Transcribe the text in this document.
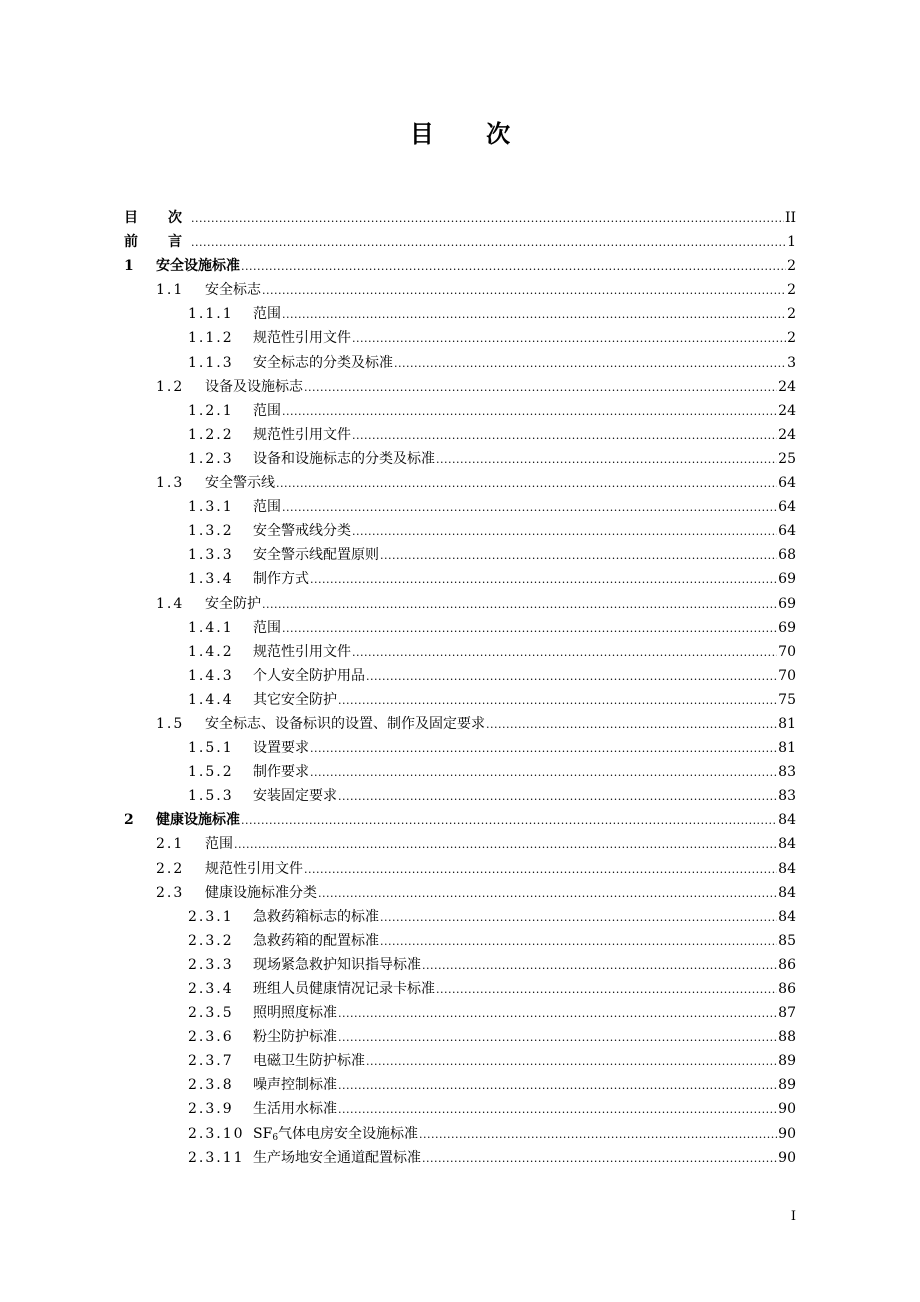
目 次
目　次 .....	II
前　言 .....	1
1	安全设施标准 .....	2
1.1	安全标志 .....	2
1.1.1	范围 .....	2
1.1.2	规范性引用文件 .....	2
1.1.3	安全标志的分类及标准 .....	3
1.2	设备及设施标志 .....	24
1.2.1	范围 .....	24
1.2.2	规范性引用文件 .....	24
1.2.3	设备和设施标志的分类及标准 .....	25
1.3	安全警示线 .....	64
1.3.1	范围 .....	64
1.3.2	安全警戒线分类 .....	64
1.3.3	安全警示线配置原则 .....	68
1.3.4	制作方式 .....	69
1.4	安全防护 .....	69
1.4.1	范围 .....	69
1.4.2	规范性引用文件 .....	70
1.4.3	个人安全防护用品 .....	70
1.4.4	其它安全防护 .....	75
1.5	安全标志、设备标识的设置、制作及固定要求 .....	81
1.5.1	设置要求 .....	81
1.5.2	制作要求 .....	83
1.5.3	安装固定要求 .....	83
2	健康设施标准 .....	84
2.1	范围 .....	84
2.2	规范性引用文件 .....	84
2.3	健康设施标准分类 .....	84
2.3.1	急救药箱标志的标准 .....	84
2.3.2	急救药箱的配置标准 .....	85
2.3.3	现场紧急救护知识指导标准 .....	86
2.3.4	班组人员健康情况记录卡标准 .....	86
2.3.5	照明照度标准 .....	87
2.3.6	粉尘防护标准 .....	88
2.3.7	电磁卫生防护标准 .....	89
2.3.8	噪声控制标准 .....	89
2.3.9	生活用水标准 .....	90
2.3.10 $SF_6$气体电房安全设施标准 .....	90
2.3.11 生产场地安全通道配置标准 .....	90
I
